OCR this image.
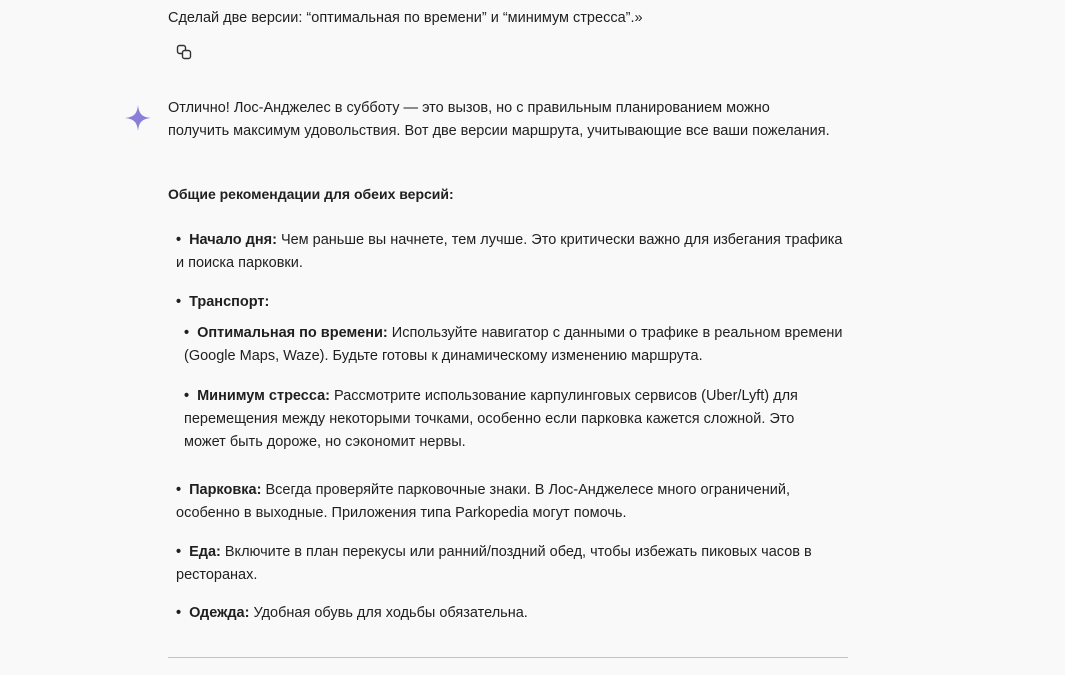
Сделай две версии: “оптимальная по времени” и “минимум стресса”.»

Отлично! Лос-Анджелес в субботу — это вызов, но с правильным планированием можно получить максимум удовольствия. Вот две версии маршрута, учитывающие все ваши пожелания.

Общие рекомендации для обеих версий:
• Начало дня: Чем раньше вы начнете, тем лучше. Это критически важно для избегания трафика и поиска парковки.
• Транспорт:
• Оптимальная по времени: Используйте навигатор с данными о трафике в реальном времени (Google Maps, Waze). Будьте готовы к динамическому изменению маршрута.
• Минимум стресса: Рассмотрите использование карпулинговых сервисов (Uber/Lyft) для перемещения между некоторыми точками, особенно если парковка кажется сложной. Это может быть дороже, но сэкономит нервы.
• Парковка: Всегда проверяйте парковочные знаки. В Лос-Анджелесе много ограничений, особенно в выходные. Приложения типа Parkopedia могут помочь.
• Еда: Включите в план перекусы или ранний/поздний обед, чтобы избежать пиковых часов в ресторанах.
• Одежда: Удобная обувь для ходьбы обязательна.
